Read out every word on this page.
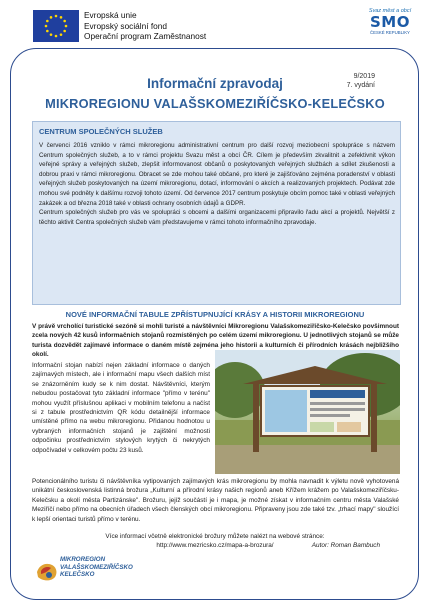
Evropská unie
Evropský sociální fond
Operační program Zaměstnanost
Svaz měst a obcí
SMO
ČESKÉ REPUBLIKY
Informační zpravodaj	9/2019
7. vydání
MIKROREGIONU VALAŠSKOMEZIŘÍČSKO-KELEČSKO
CENTRUM SPOLEČNÝCH SLUŽEB

V červenci 2016 vzniklo v rámci mikroregionu administrativní centrum pro další rozvoj meziobecní spolupráce s názvem Centrum společných služeb, a to v rámci projektu Svazu měst a obcí ČR. Cílem je především zkvalitnit a zefektivnit výkon veřejné správy a veřejných služeb, zlepšit informovanost občanů o poskytovaných veřejných službách a sdílet zkušenosti a dobrou praxi v rámci mikroregionu. Obracet se zde mohou také občané, pro které je zajišťováno zejména poradenství v oblasti veřejných služeb poskytovaných na území mikroregionu, dotací, informování o akcích a realizovaných projektech. Podávat zde mohou své podněty k dalšímu rozvoji tohoto území. Od července 2017 centrum poskytuje obcím pomoc také v oblasti veřejných zakázek a od března 2018 také v oblasti ochrany osobních údajů a GDPR.

Centrum společných služeb pro vás ve spolupráci s obcemi a dalšími organizacemi připravilo řadu akcí a projektů. Největší z těchto aktivit Centra společných služeb vám představujeme v rámci tohoto informačního zpravodaje.

NOVÉ INFORMAČNÍ TABULE ZPŘÍSTUPNUJÍCÍ KRÁSY A HISTORII MIKROREGIONU

V právě vrcholící turistické sezóně si mohli turisté a návštěvníci Mikroregionu Valašskomeziříčsko-Kelečsko povšimnout zcela nových 42 kusů informačních stojanů rozmístěných po celém území mikroregionu. U jednotlivých stojanů se může turista dozvědět zajímavé informace o daném místě zejména jeho historii a kulturních či přírodních krásách nejbližšího okolí.

Informační stojan nabízí nejen základní informace o daných zajímavých místech, ale i informační mapu všech dalších míst se znázorněním kudy se k nim dostat. Návštěvníci, kterým nebudou postačovat tyto základní informace "přímo v terénu" mohou využít příslušnou aplikaci v mobilním telefonu a načíst si z tabule prostřednictvím QR kódu detailnější informace umístěné přímo na webu mikroregionu. Přidanou hodnotou u vybraných informačních stojanů je zajištění možnosti odpočinku prostřednictvím stylových krytých či nekrytých odpočívadel v celkovém počtu 23 kusů.

Potencionálního turistu či návštěvníka vytipovaných zajímavých krás mikroregionu by mohla navnadit k výletu nově vyhotovená unikátní československá listinná brožura „Kulturní a přírodní krásy našich regionů aneb Křížem krážem po Valašskomeziříčsku-Kelečsku a okolí města Partizánske". Brožuru, jejíž součástí je i mapa, je možné získat v informačním centru města Valašské Meziříčí nebo přímo na obecních úřadech všech členských obcí mikroregionu. Připraveny jsou zde také tzv. „trhací mapy" sloužící k lepší orientaci turistů přímo v terénu.

Více informací včetně elektronické brožury můžete nalézt na webové stránce:
http://www.mezricsko.cz/mapa-a-brozura/	Autor: Roman Bambuch
MIKROREGION
VALAŠSKOMEZIŘÍČSKO
KELEČSKO
